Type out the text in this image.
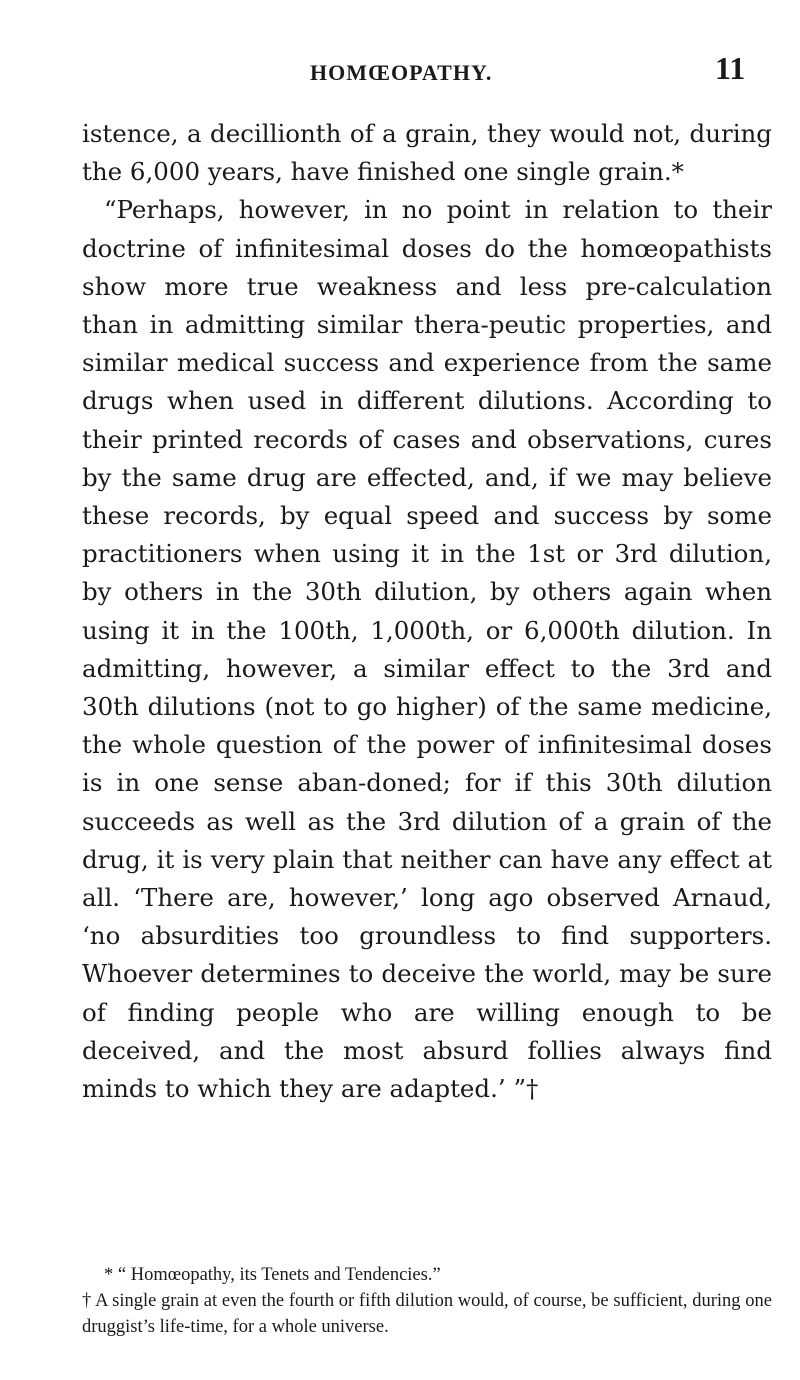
HOMŒOPATHY.	11

istence, a decillionth of a grain, they would not, during the 6,000 years, have finished one single grain.*

“Perhaps, however, in no point in relation to their doctrine of infinitesimal doses do the homœopathists show more true weakness and less pre-calculation than in admitting similar thera-peutic properties, and similar medical success and experience from the same drugs when used in different dilutions. According to their printed records of cases and observations, cures by the same drug are effected, and, if we may believe these records, by equal speed and success by some practitioners when using it in the 1st or 3rd dilution, by others in the 30th dilution, by others again when using it in the 100th, 1,000th, or 6,000th dilution. In admitting, however, a similar effect to the 3rd and 30th dilutions (not to go higher) of the same medicine, the whole question of the power of infinitesimal doses is in one sense aban-doned; for if this 30th dilution succeeds as well as the 3rd dilution of a grain of the drug, it is very plain that neither can have any effect at all. ‘There are, however,’ long ago observed Arnaud, ‘no absurdities too groundless to find supporters. Whoever determines to deceive the world, may be sure of finding people who are willing enough to be deceived, and the most absurd follies always find minds to which they are adapted.’ ”†

* “ Homœopathy, its Tenets and Tendencies.”

† A single grain at even the fourth or fifth dilution would, of course, be sufficient, during one druggist’s life-time, for a whole universe.
